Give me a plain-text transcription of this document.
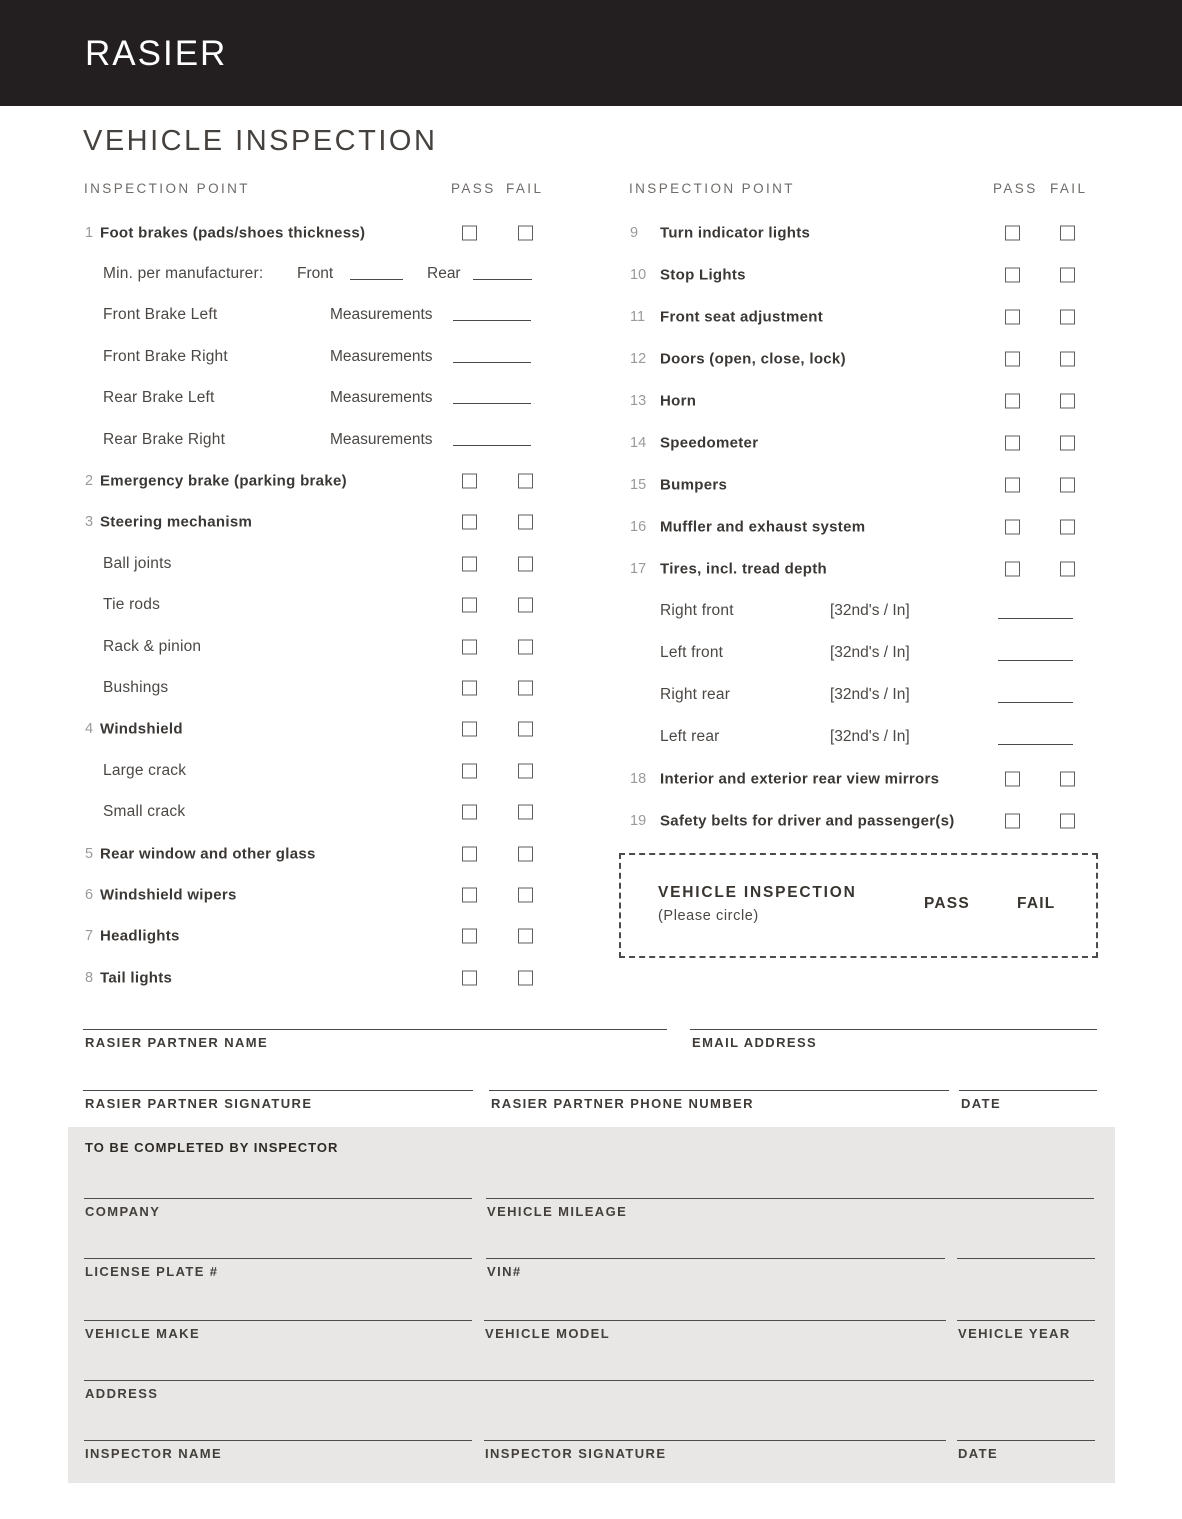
RASIER
VEHICLE INSPECTION
INSPECTION POINT	PASS FAIL
1 Foot brakes (pads/shoes thickness)
Min. per manufacturer: Front	Rear
Front Brake Left	Measurements
Front Brake Right	Measurements
Rear Brake Left	Measurements
Rear Brake Right	Measurements
2 Emergency brake (parking brake)
3 Steering mechanism
Ball joints
Tie rods
Rack & pinion
Bushings
4 Windshield
Large crack
Small crack
5 Rear window and other glass
6 Windshield wipers
7 Headlights
8 Tail lights
INSPECTION POINT	PASS FAIL
9 Turn indicator lights
10 Stop Lights
11 Front seat adjustment
12 Doors (open, close, lock)
13 Horn
14 Speedometer
15 Bumpers
16 Muffler and exhaust system
17 Tires, incl. tread depth
Right front	[32nd's / In]
Left front	[32nd's / In]
Right rear	[32nd's / In]
Left rear	[32nd's / In]
18 Interior and exterior rear view mirrors
19 Safety belts for driver and passenger(s)
VEHICLE INSPECTION
(Please circle)
PASS	FAIL
RASIER PARTNER NAME	EMAIL ADDRESS
RASIER PARTNER SIGNATURE	RASIER PARTNER PHONE NUMBER	DATE
TO BE COMPLETED BY INSPECTOR
COMPANY	VEHICLE MILEAGE
LICENSE PLATE #	VIN#
VEHICLE MAKE	VEHICLE MODEL	VEHICLE YEAR
ADDRESS
INSPECTOR NAME	INSPECTOR SIGNATURE	DATE
